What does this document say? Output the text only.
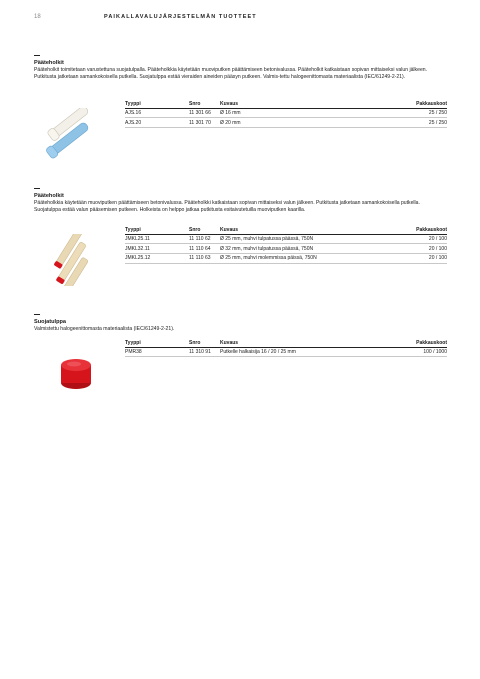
18	PAIKALLAVALUJÄRJESTELMÄN TUOTTEET
Pääteholkit
Pääteholkit toimitetaan varustettuna suojatulpalla. Pääteholkkia käytetään muoviputken päättämiseen betonivalussa. Pääteholkit katkaistaan sopivan mittaiseksi valun jälkeen. Putkitusta jatketaan samankokoisella putkella. Suojatulppa estää vieraiden aineiden pääsyn putkeen. Valmis-tettu halogeenittomasta materiaalista (IEC/61249-2-21).
Tyyppi	Snro	Kuvaus	Pakkauskoot
AJS.16	11 301 66	Ø 16 mm	25 / 250
AJS.20	11 301 70	Ø 20 mm	25 / 250
Pääteholkit
Pääteholkkia käytetään muoviputken päättämiseen betonivalussa. Pääteholkki katkaistaan sopivan mittaiseksi valun jälkeen. Putkitusta jatketaan samankokoisella putkella. Suojatulppa estää valun pääsemisen putkeen. Holkeista on helppo jatkaa putkitusta esitaivutetuilla muoviputken kaarilla.
Tyyppi	Snro	Kuvaus	Pakkauskoot
JMKL25.11	11 110 62	Ø 25 mm, muhvi tulpatussa päässä, 750N	20 / 100
JMKL32.11	11 110 64	Ø 32 mm, muhvi tulpatussa päässä, 750N	20 / 100
JMKL25.12	11 110 63	Ø 25 mm, muhvi molemmissa päissä, 750N	20 / 100
Suojatulppa
Valmistettu halogeenittomasta materiaalista (IEC/61249-2-21).
Tyyppi	Snro	Kuvaus	Pakkauskoot
PMR38	11 310 91	Putkelle halkaisija 16 / 20 / 25 mm	100 / 1000
